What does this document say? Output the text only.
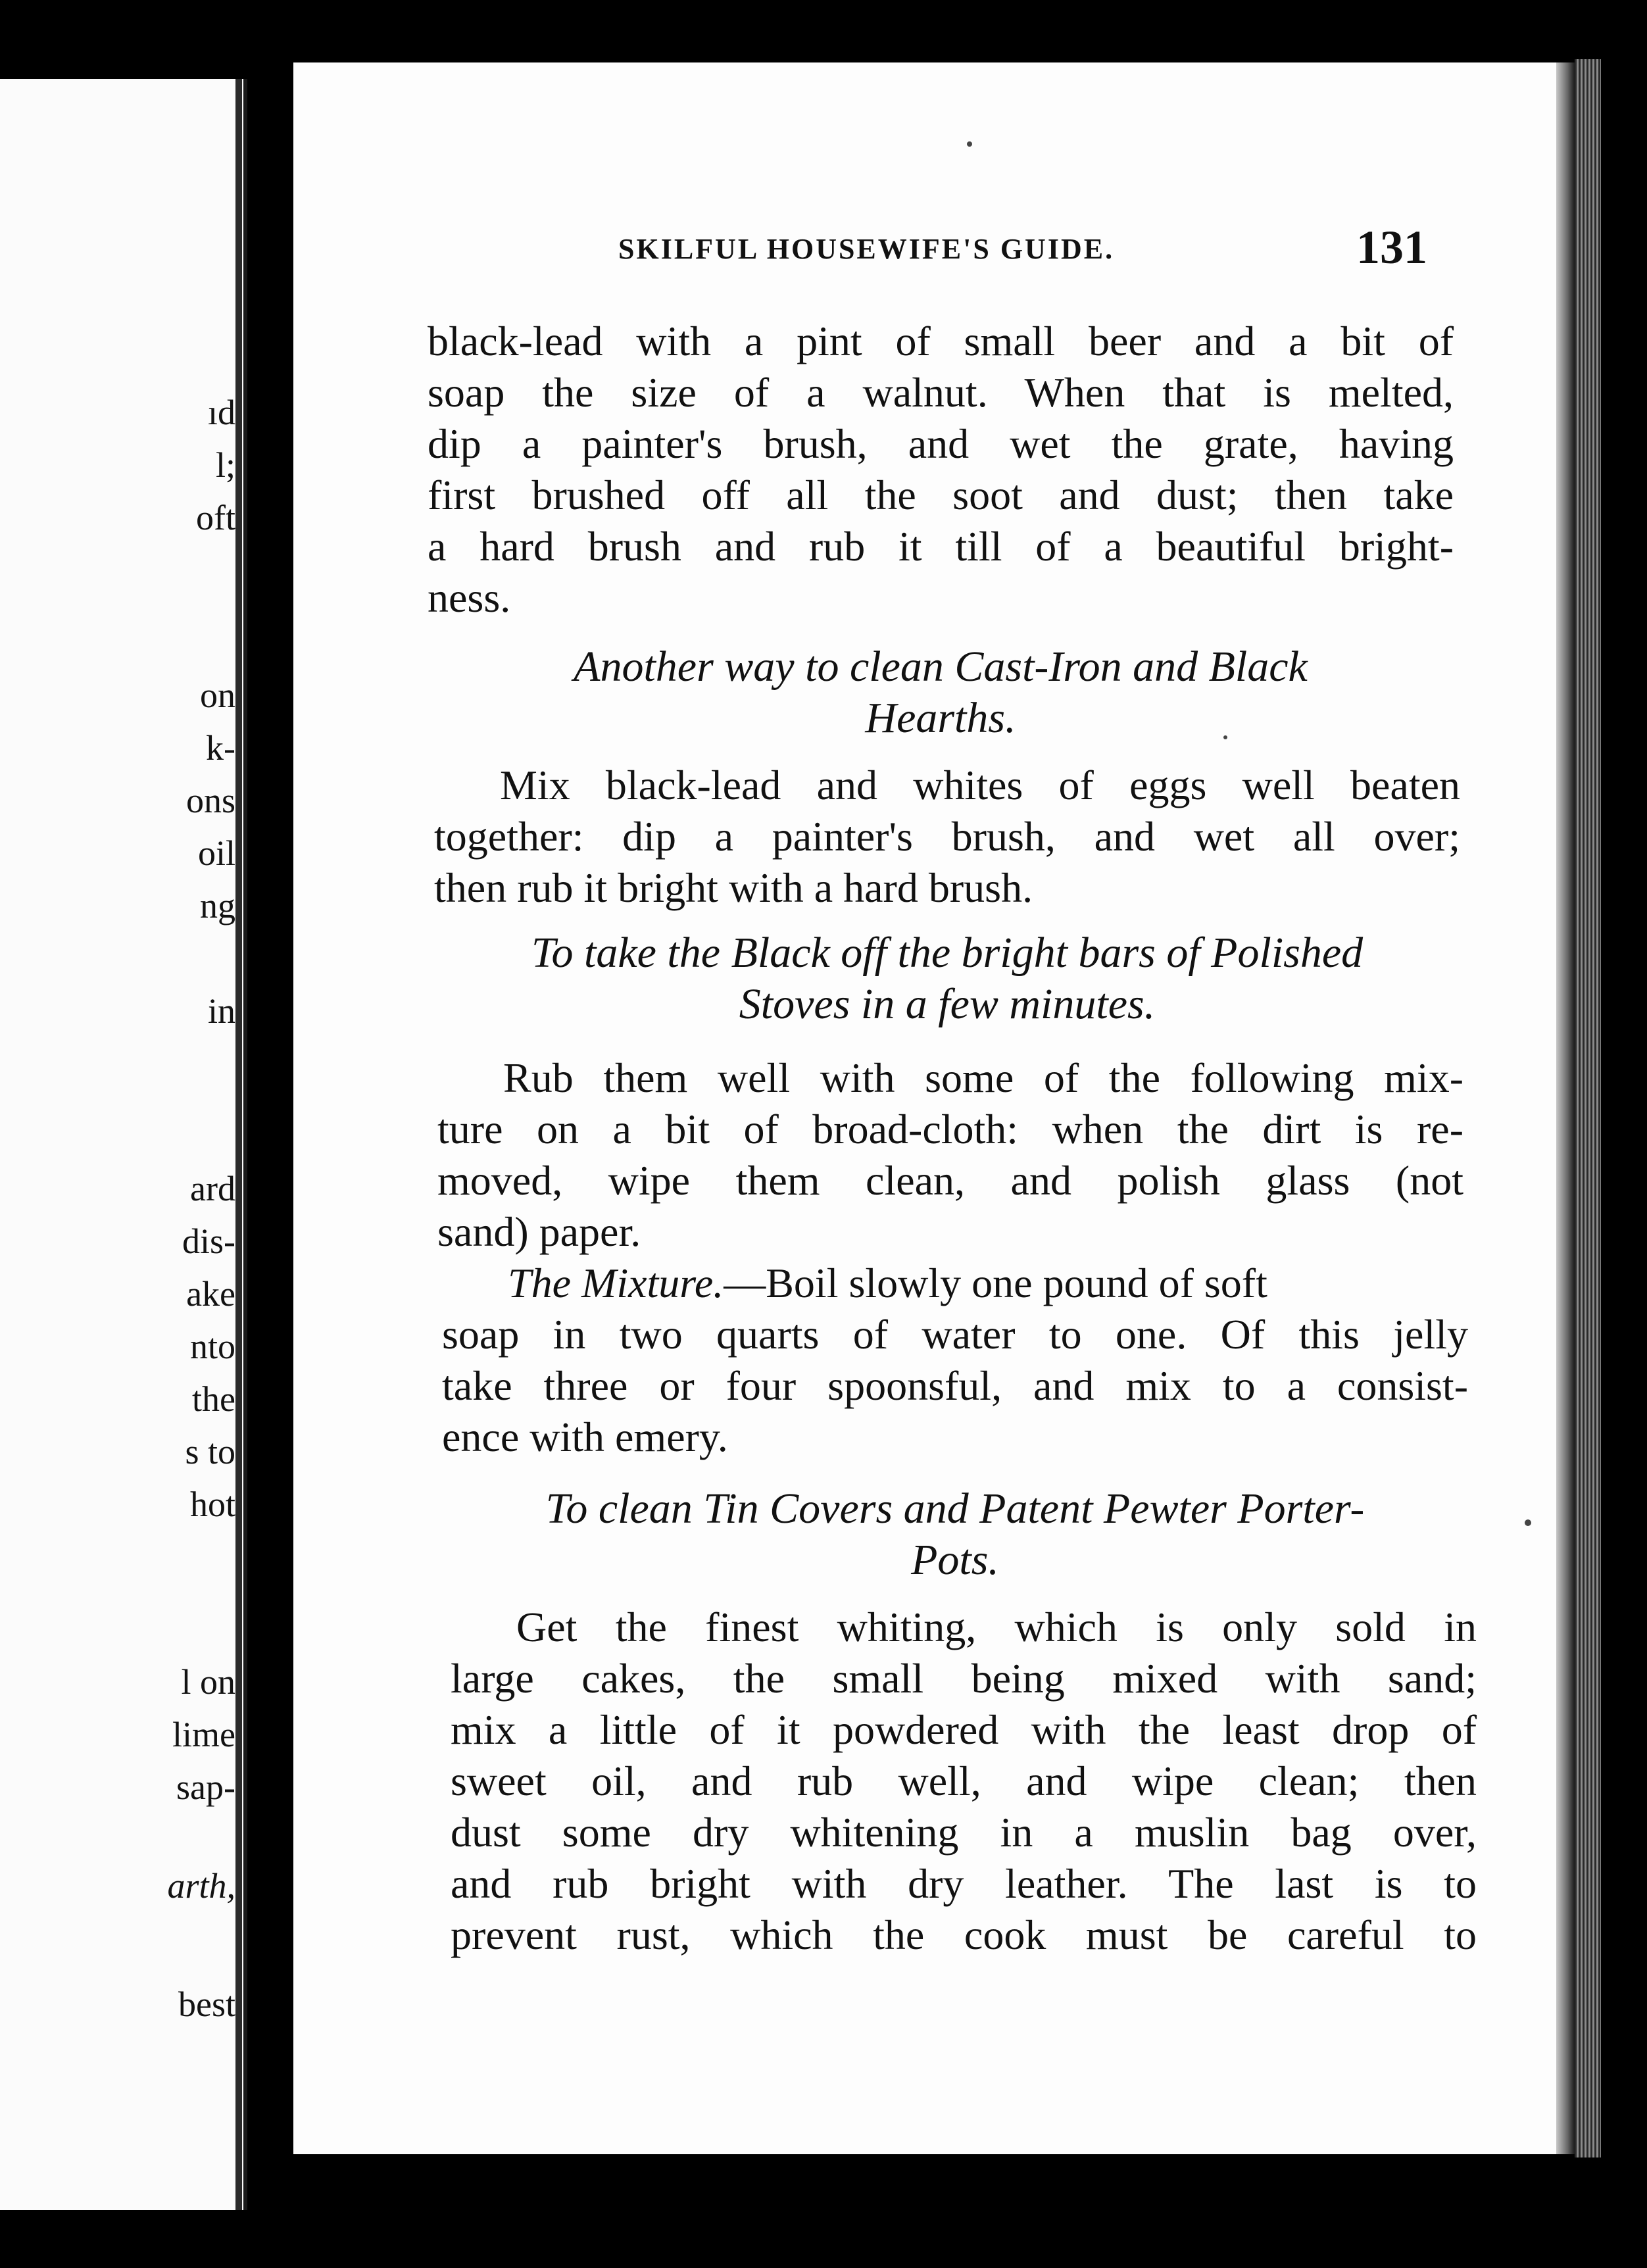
ıd
l;
oft
on
k-
ons
oil
ng
in
ard
dis-
ake
nto
the
s to
hot
l on
lime
sap-
arth,
best
SKILFUL HOUSEWIFE'S GUIDE.	131
black-lead with a pint of small beer and a bit of
soap the size of a walnut. When that is melted,
dip a painter's brush, and wet the grate, having
first brushed off all the soot and dust; then take
a hard brush and rub it till of a beautiful bright-
ness.
Another way to clean Cast-Iron and Black
Hearths.
Mix black-lead and whites of eggs well beaten
together: dip a painter's brush, and wet all over;
then rub it bright with a hard brush.
To take the Black off the bright bars of Polished
Stoves in a few minutes.
Rub them well with some of the following mix-
ture on a bit of broad-cloth: when the dirt is re-
moved, wipe them clean, and polish glass (not
sand) paper.
The Mixture.—Boil slowly one pound of soft
soap in two quarts of water to one. Of this jelly
take three or four spoonsful, and mix to a consist-
ence with emery.
To clean Tin Covers and Patent Pewter Porter-
Pots.
Get the finest whiting, which is only sold in
large cakes, the small being mixed with sand;
mix a little of it powdered with the least drop of
sweet oil, and rub well, and wipe clean; then
dust some dry whitening in a muslin bag over,
and rub bright with dry leather. The last is to
prevent rust, which the cook must be careful to
